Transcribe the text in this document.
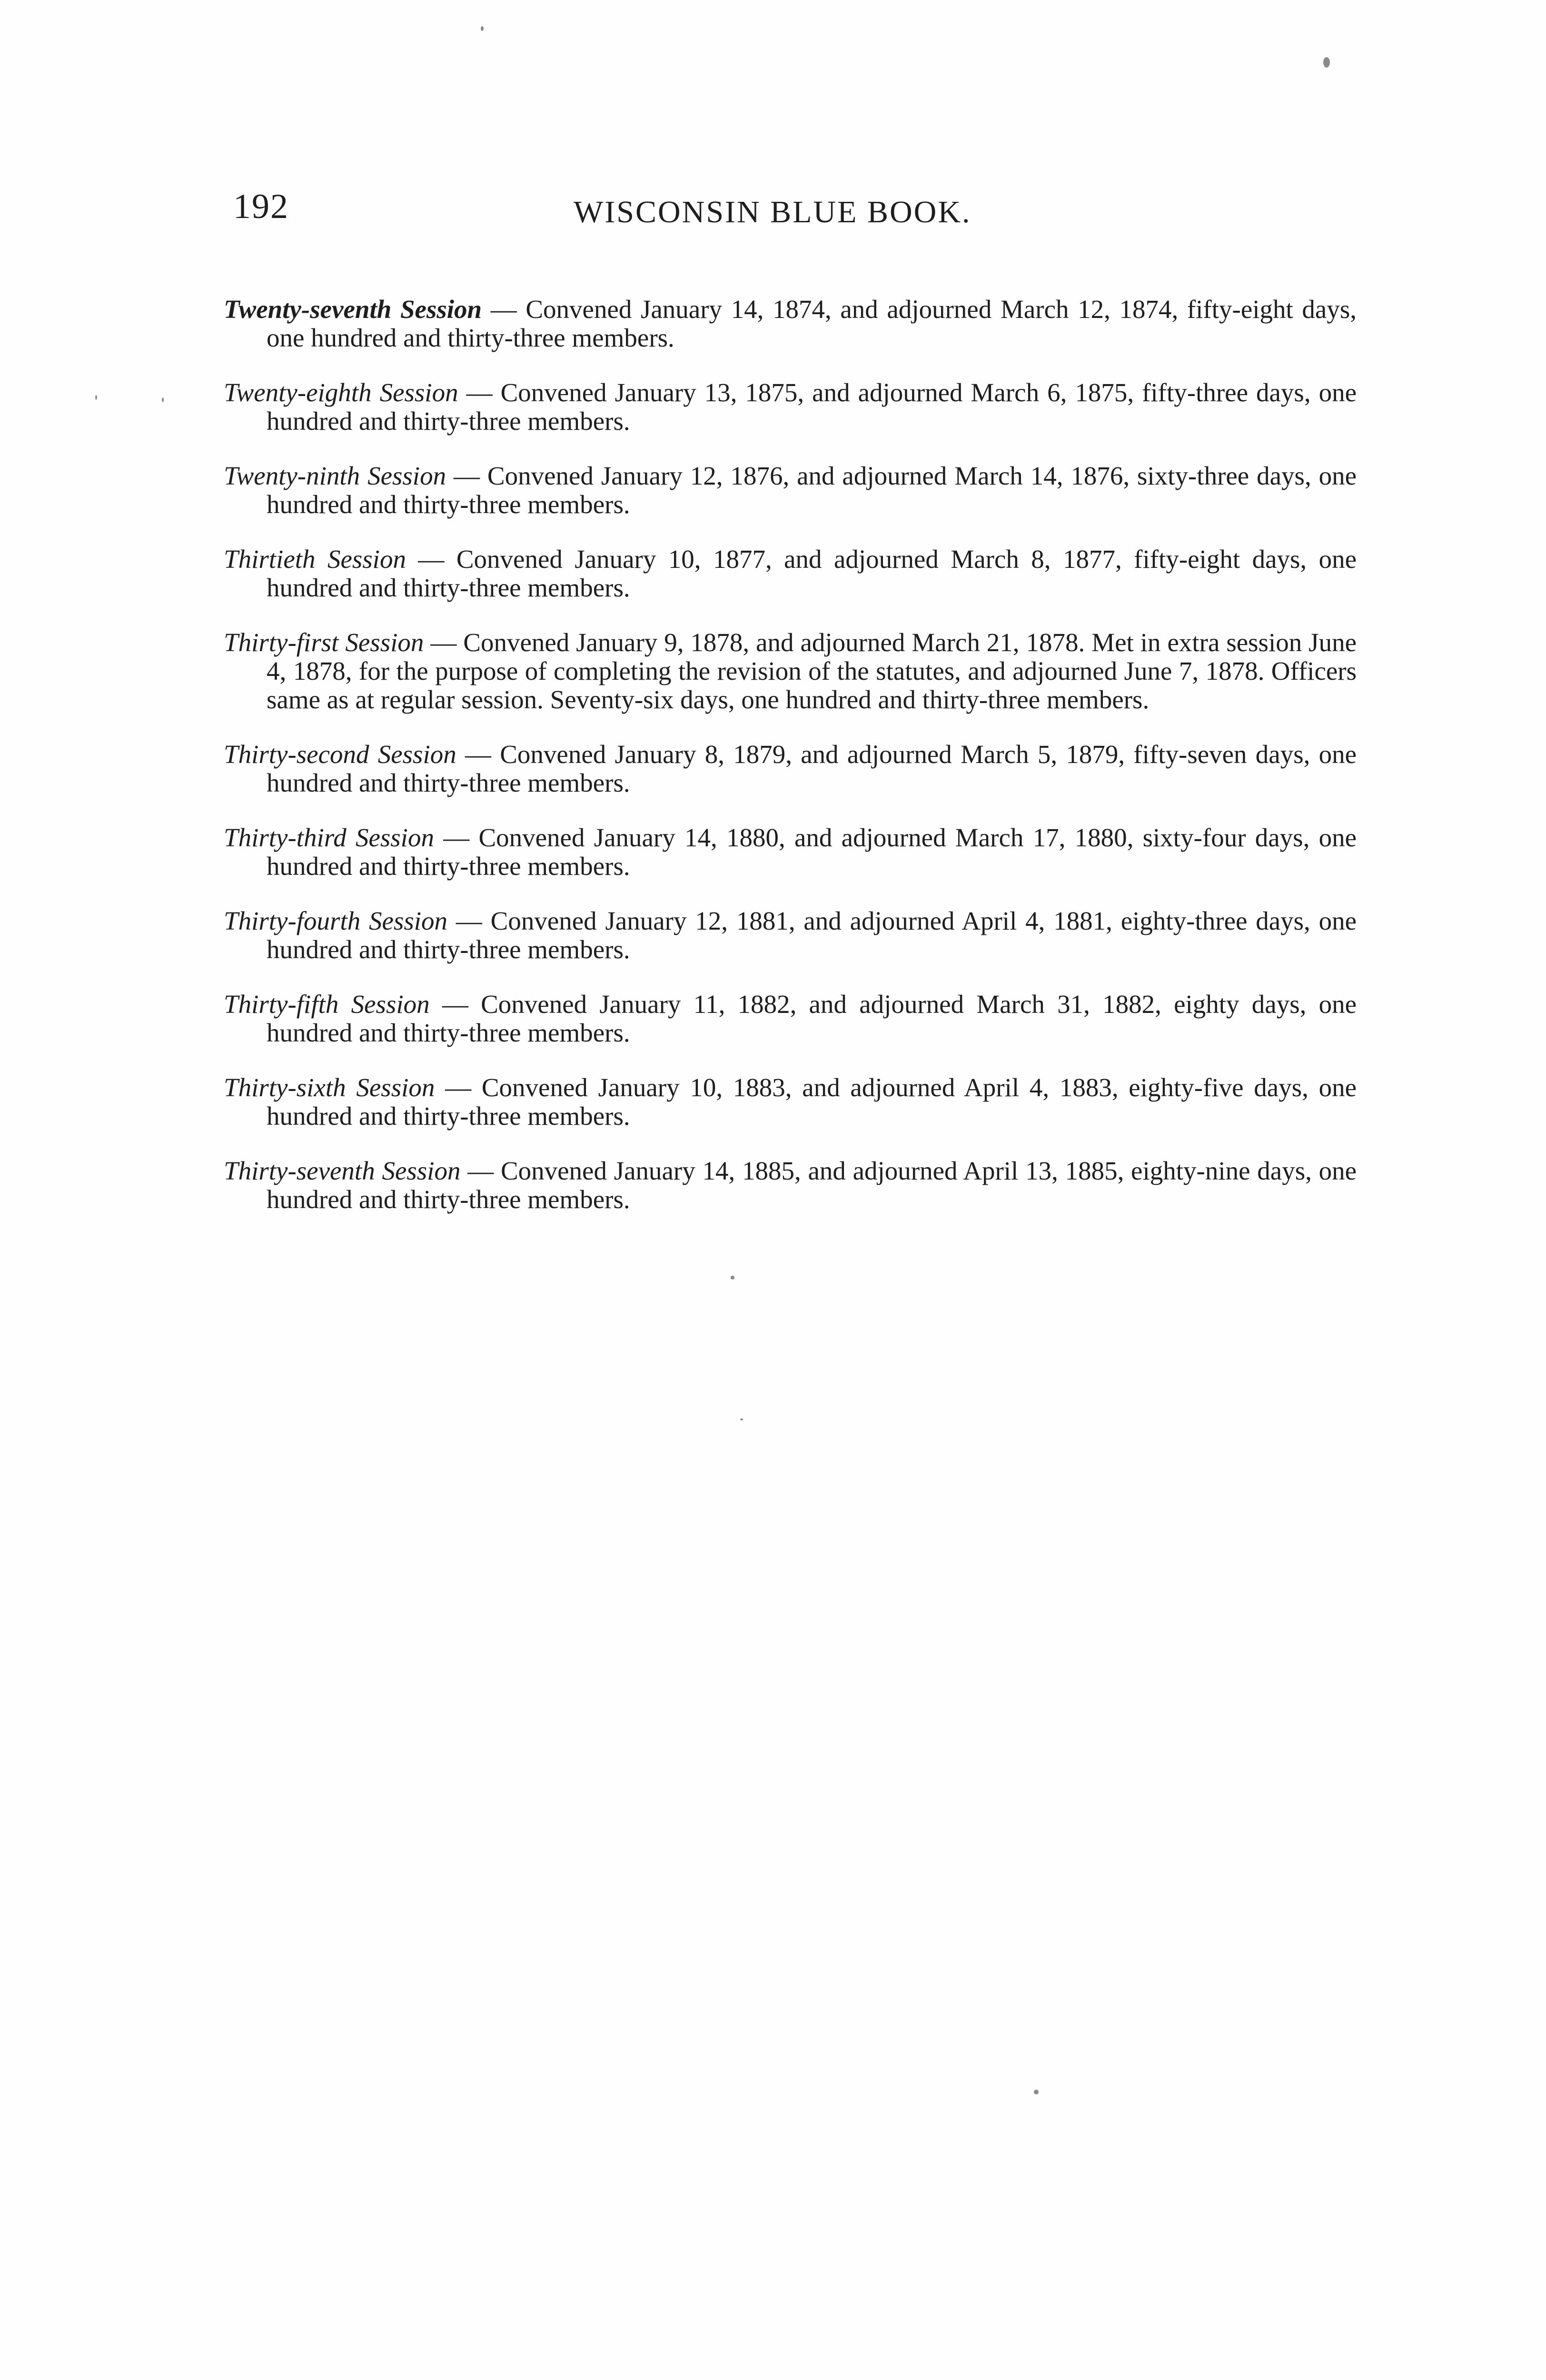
192	WISCONSIN BLUE BOOK.

Twenty-seventh Session — Convened January 14, 1874, and adjourned March 12, 1874, fifty-eight days, one hundred and thirty-three members.

Twenty-eighth Session — Convened January 13, 1875, and adjourned March 6, 1875, fifty-three days, one hundred and thirty-three members.

Twenty-ninth Session — Convened January 12, 1876, and adjourned March 14, 1876, sixty-three days, one hundred and thirty-three members.

Thirtieth Session — Convened January 10, 1877, and adjourned March 8, 1877, fifty-eight days, one hundred and thirty-three members.

Thirty-first Session — Convened January 9, 1878, and adjourned March 21, 1878. Met in extra session June 4, 1878, for the purpose of completing the revision of the statutes, and adjourned June 7, 1878. Officers same as at regular session. Seventy-six days, one hundred and thirty-three members.

Thirty-second Session — Convened January 8, 1879, and adjourned March 5, 1879, fifty-seven days, one hundred and thirty-three members.

Thirty-third Session — Convened January 14, 1880, and adjourned March 17, 1880, sixty-four days, one hundred and thirty-three members.

Thirty-fourth Session — Convened January 12, 1881, and adjourned April 4, 1881, eighty-three days, one hundred and thirty-three members.

Thirty-fifth Session — Convened January 11, 1882, and adjourned March 31, 1882, eighty days, one hundred and thirty-three members.

Thirty-sixth Session — Convened January 10, 1883, and adjourned April 4, 1883, eighty-five days, one hundred and thirty-three members.

Thirty-seventh Session — Convened January 14, 1885, and adjourned April 13, 1885, eighty-nine days, one hundred and thirty-three members.
